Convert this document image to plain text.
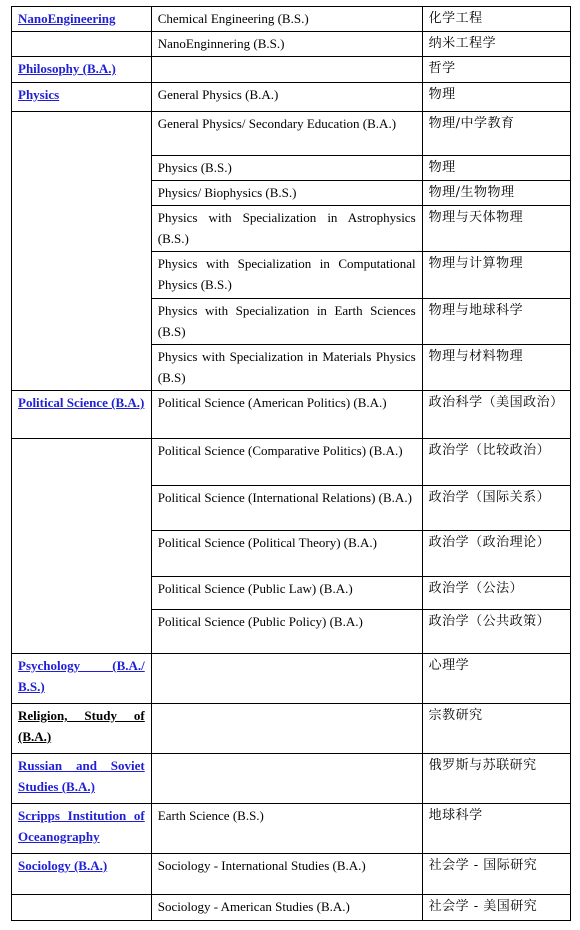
NanoEngineering	Chemical Engineering (B.S.)	化学工程
	NanoEnginnering (B.S.)	纳米工程学
Philosophy (B.A.)		哲学
Physics	General Physics (B.A.)	物理
	General Physics/ Secondary Education (B.A.)	物理/中学教育
	Physics (B.S.)	物理
	Physics/ Biophysics (B.S.)	物理/生物物理
	Physics with Specialization in Astrophysics (B.S.)	物理与天体物理
	Physics with Specialization in Computational Physics (B.S.)	物理与计算物理
	Physics with Specialization in Earth Sciences (B.S)	物理与地球科学
	Physics with Specialization in Materials Physics (B.S)	物理与材料物理
Political Science (B.A.)	Political Science (American Politics) (B.A.)	政治科学（美国政治）
	Political Science (Comparative Politics) (B.A.)	政治学（比较政治）
	Political Science (International Relations) (B.A.)	政治学（国际关系）
	Political Science (Political Theory) (B.A.)	政治学（政治理论）
	Political Science (Public Law) (B.A.)	政治学（公法）
	Political Science (Public Policy) (B.A.)	政治学（公共政策）
Psychology (B.A./ B.S.)		心理学
Religion, Study of (B.A.)		宗教研究
Russian and Soviet Studies (B.A.)		俄罗斯与苏联研究
Scripps Institution of Oceanography	Earth Science (B.S.)	地球科学
Sociology (B.A.)	Sociology - International Studies (B.A.)	社会学 - 国际研究
	Sociology - American Studies (B.A.)	社会学 - 美国研究
